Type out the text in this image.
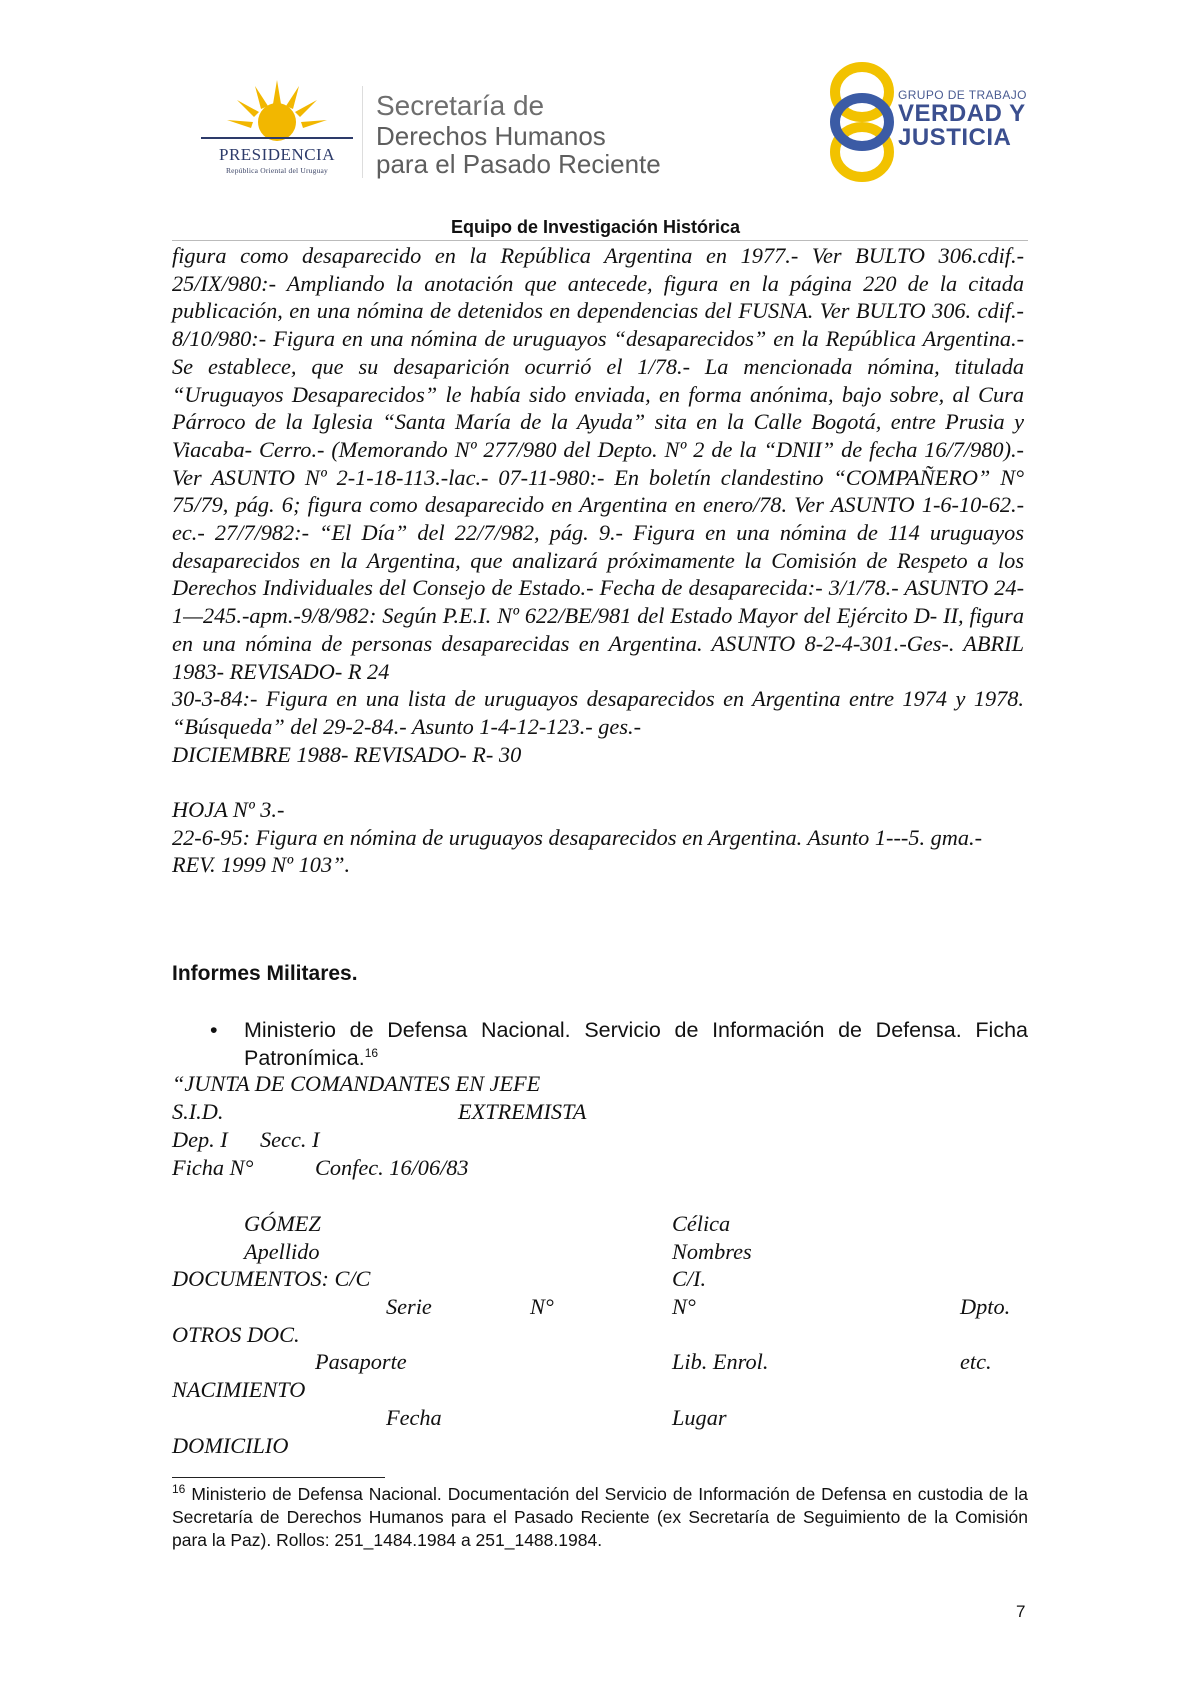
PRESIDENCIA
República Oriental del Uruguay
Secretaría de
Derechos Humanos
para el Pasado Reciente
GRUPO DE TRABAJO
VERDAD Y
JUSTICIA
Equipo de Investigación Histórica

figura como desaparecido en la República Argentina en 1977.- Ver BULTO 306.cdif.- 25/IX/980:- Ampliando la anotación que antecede, figura en la página 220 de la citada publicación, en una nómina de detenidos en dependencias del FUSNA. Ver BULTO 306. cdif.- 8/10/980:- Figura en una nómina de uruguayos “desaparecidos” en la República Argentina.- Se establece, que su desaparición ocurrió el 1/78.- La mencionada nómina, titulada “Uruguayos Desaparecidos” le había sido enviada, en forma anónima, bajo sobre, al Cura Párroco de la Iglesia “Santa María de la Ayuda” sita en la Calle Bogotá, entre Prusia y Viacaba- Cerro.- (Memorando Nº 277/980 del Depto. Nº 2 de la “DNII” de fecha 16/7/980).- Ver ASUNTO Nº 2-1-18-113.-lac.- 07-11-980:- En boletín clandestino “COMPAÑERO” N° 75/79, pág. 6; figura como desaparecido en Argentina en enero/78. Ver ASUNTO 1-6-10-62.- ec.- 27/7/982:- “El Día” del 22/7/982, pág. 9.- Figura en una nómina de 114 uruguayos desaparecidos en la Argentina, que analizará próximamente la Comisión de Respeto a los Derechos Individuales del Consejo de Estado.- Fecha de desaparecida:- 3/1/78.- ASUNTO 24-1—245.-apm.-9/8/982: Según P.E.I. Nº 622/BE/981 del Estado Mayor del Ejército D- II, figura en una nómina de personas desaparecidas en Argentina. ASUNTO 8-2-4-301.-Ges-. ABRIL 1983- REVISADO- R 24

30-3-84:- Figura en una lista de uruguayos desaparecidos en Argentina entre 1974 y 1978. “Búsqueda” del 29-2-84.- Asunto 1-4-12-123.- ges.-

DICIEMBRE 1988- REVISADO- R- 30

HOJA Nº 3.-

22-6-95: Figura en nómina de uruguayos desaparecidos en Argentina. Asunto 1---5. gma.-

REV. 1999 Nº 103”.

Informes Militares.
• Ministerio de Defensa Nacional. Servicio de Información de Defensa. Ficha Patronímica.$^{16}$
“JUNTA DE COMANDANTES EN JEFE
S.I.D.	EXTREMISTA
Dep. I Secc. I
Ficha N°	Confec. 16/06/83
GÓMEZ	Célica
Apellido	Nombres
DOCUMENTOS: C/C	C/I.
Serie	N°	N°	Dpto.
OTROS DOC.
Pasaporte	Lib. Enrol.	etc.
NACIMIENTO
Fecha	Lugar
DOMICILIO
$^{16}$ Ministerio de Defensa Nacional. Documentación del Servicio de Información de Defensa en custodia de la Secretaría de Derechos Humanos para el Pasado Reciente (ex Secretaría de Seguimiento de la Comisión para la Paz). Rollos: 251_1484.1984 a 251_1488.1984.
7
